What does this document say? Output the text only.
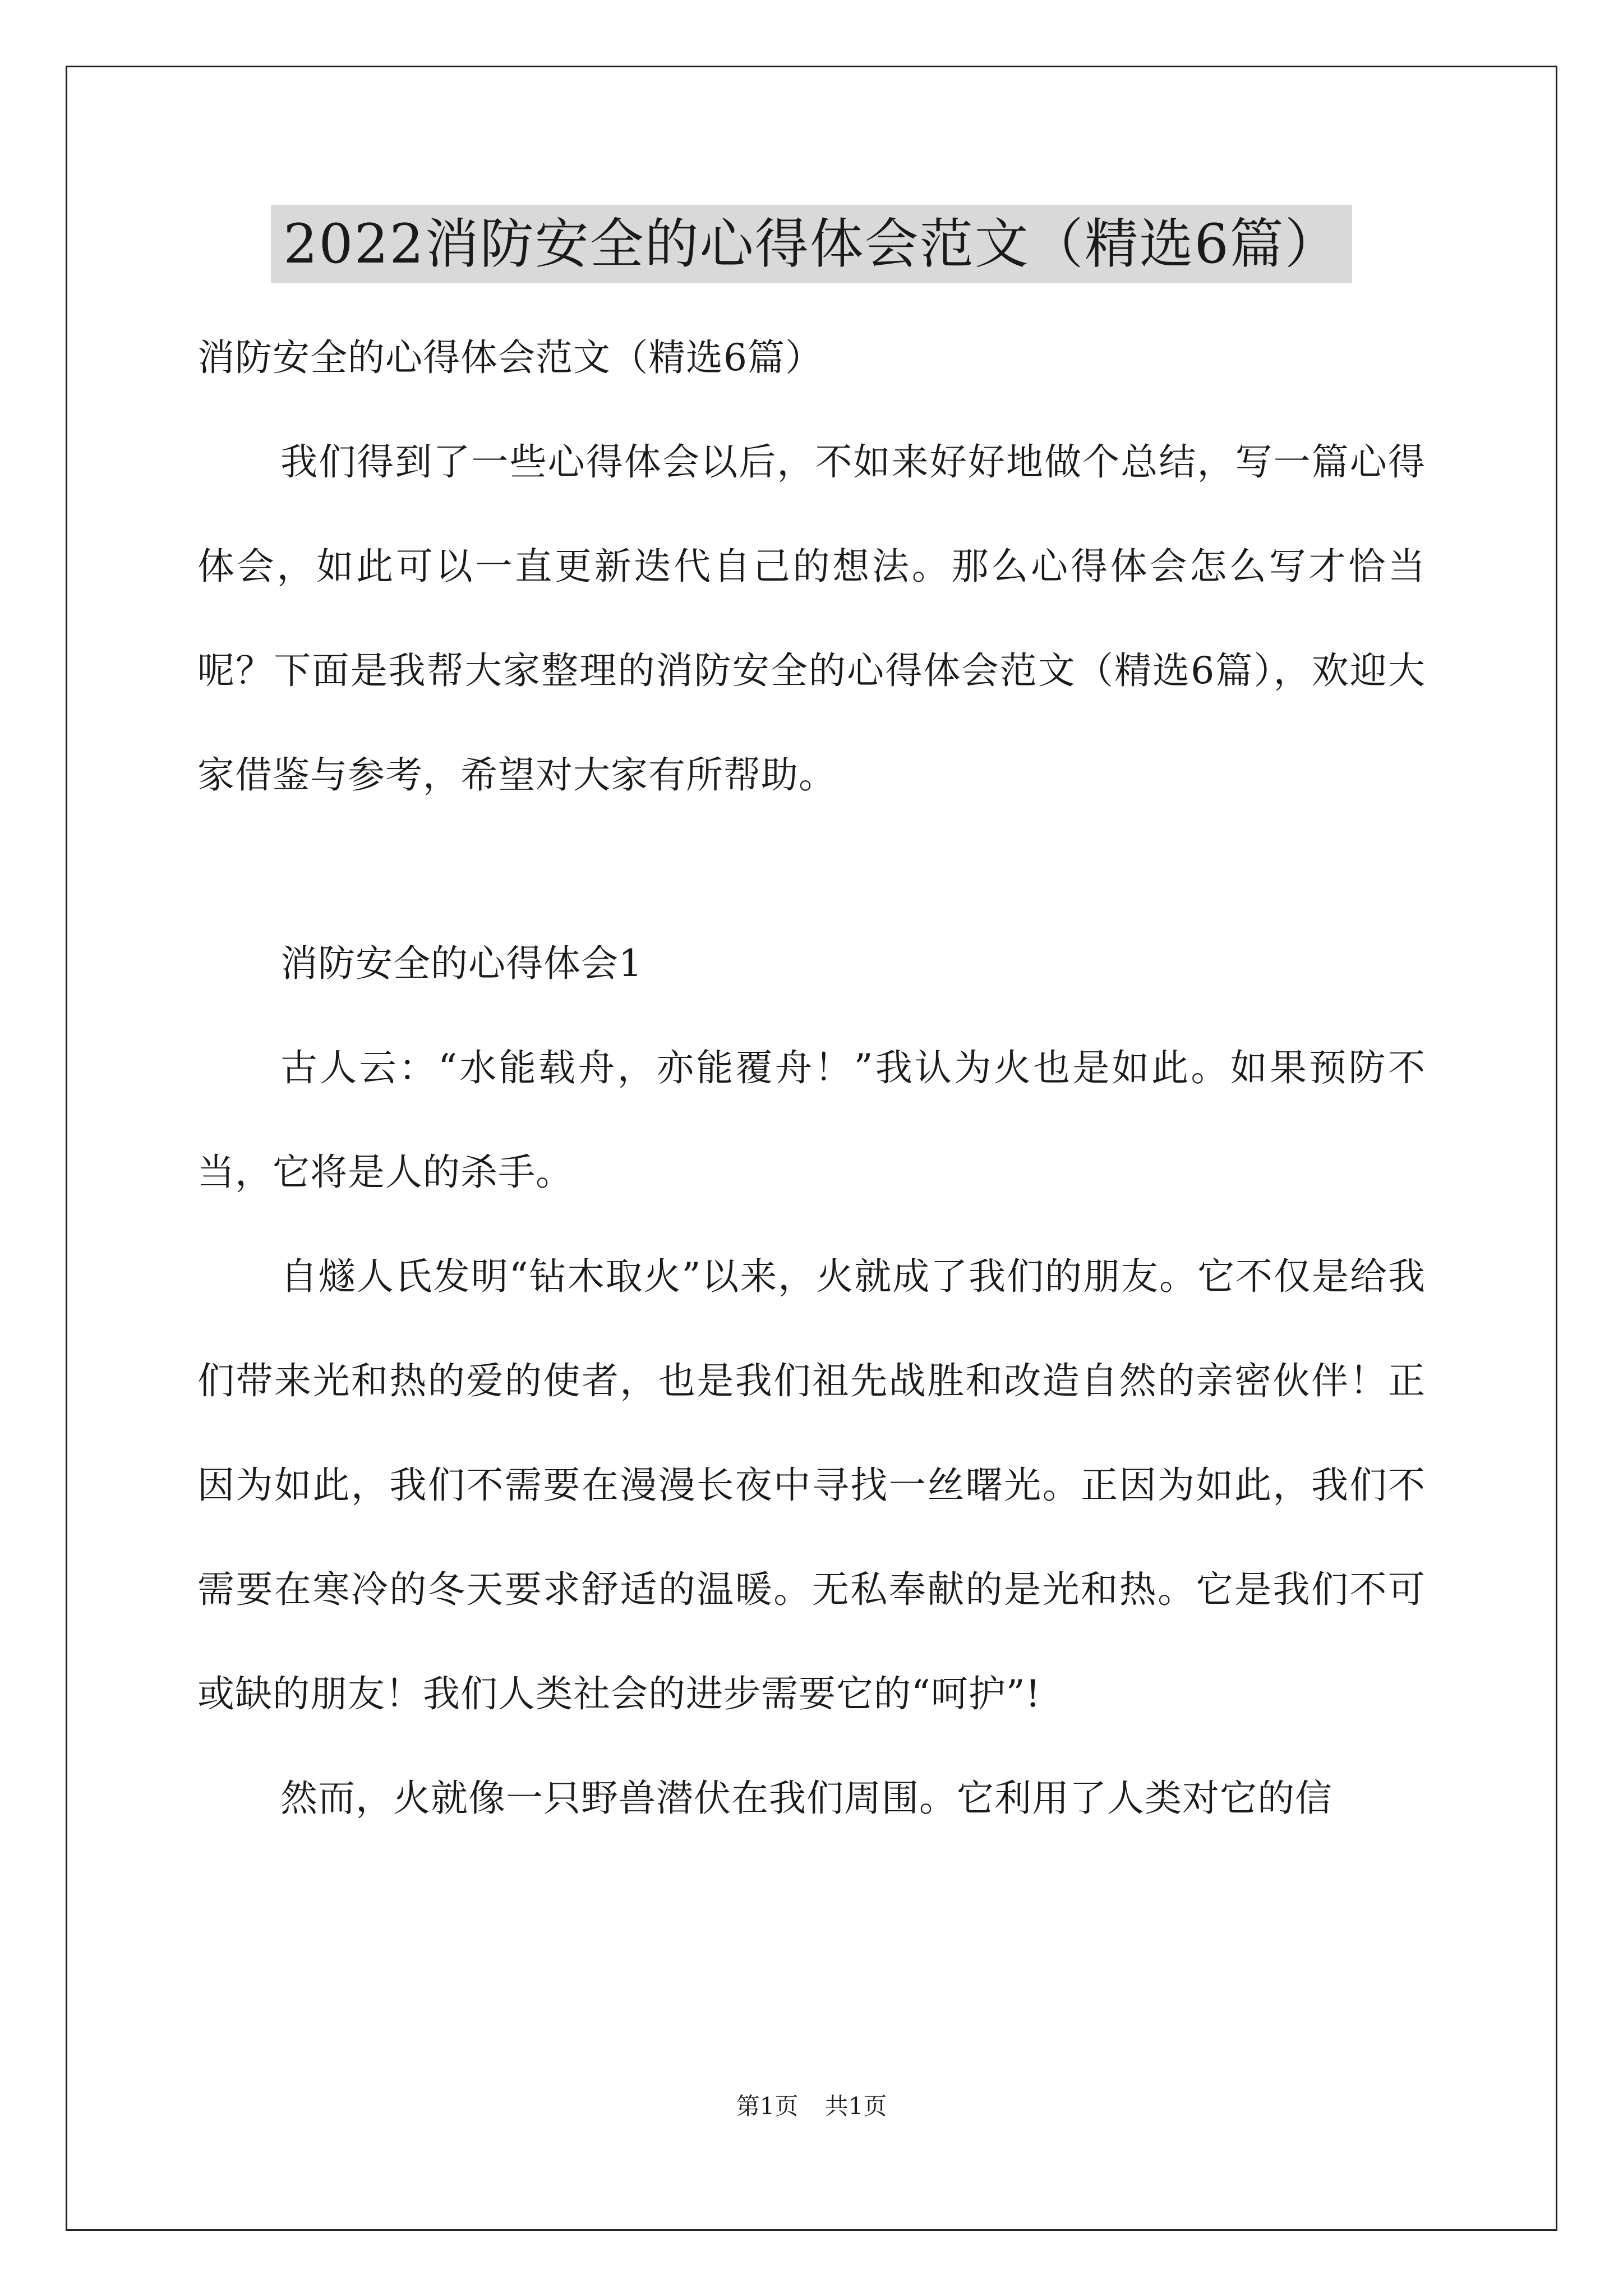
2022消防安全的心得体会范文（精选6篇）

消防安全的心得体会范文（精选6篇）

我们得到了一些心得体会以后，不如来好好地做个总结，写一篇心得体会，如此可以一直更新迭代自己的想法。那么心得体会怎么写才恰当呢？下面是我帮大家整理的消防安全的心得体会范文（精选6篇），欢迎大家借鉴与参考，希望对大家有所帮助。

消防安全的心得体会1

古人云：“水能载舟，亦能覆舟！”我认为火也是如此。如果预防不当，它将是人的杀手。

自燧人氏发明“钻木取火”以来，火就成了我们的朋友。它不仅是给我们带来光和热的爱的使者，也是我们祖先战胜和改造自然的亲密伙伴！正因为如此，我们不需要在漫漫长夜中寻找一丝曙光。正因为如此，我们不需要在寒冷的冬天要求舒适的温暖。无私奉献的是光和热。它是我们不可或缺的朋友！我们人类社会的进步需要它的“呵护”!

然而，火就像一只野兽潜伏在我们周围。它利用了人类对它的信

第1页 共1页
